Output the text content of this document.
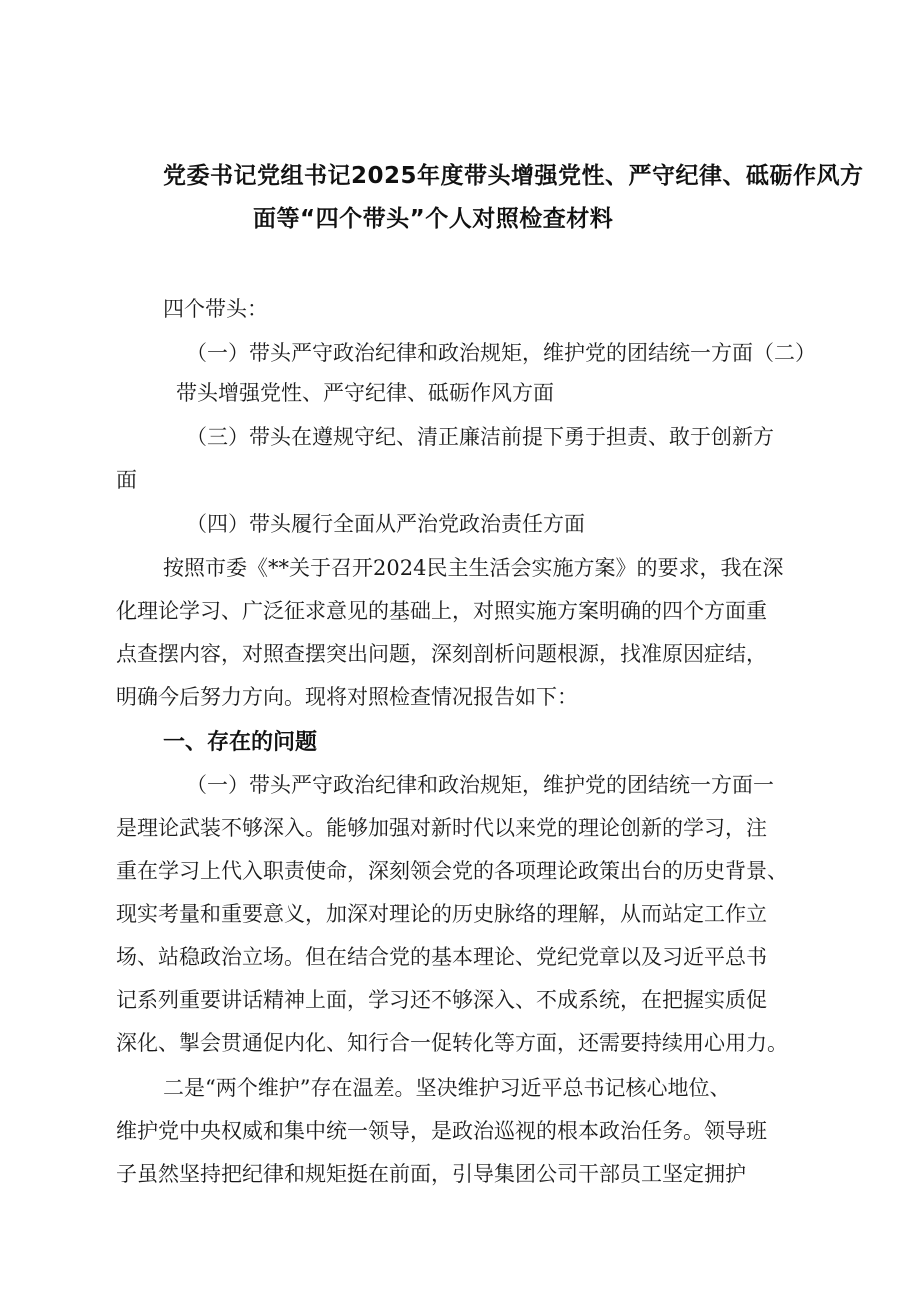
党委书记党组书记2025年度带头增强党性、严守纪律、砥砺作风方
面等“四个带头”个人对照检查材料
四个带头：
（一）带头严守政治纪律和政治规矩，维护党的团结统一方面（二）
带头增强党性、严守纪律、砥砺作风方面
（三）带头在遵规守纪、清正廉洁前提下勇于担责、敢于创新方
面
（四）带头履行全面从严治党政治责任方面
按照市委《**关于召开2024民主生活会实施方案》的要求，我在深
化理论学习、广泛征求意见的基础上，对照实施方案明确的四个方面重
点查摆内容，对照查摆突出问题，深刻剖析问题根源，找准原因症结，
明确今后努力方向。现将对照检查情况报告如下：
一、存在的问题
（一）带头严守政治纪律和政治规矩，维护党的团结统一方面一
是理论武装不够深入。能够加强对新时代以来党的理论创新的学习，注
重在学习上代入职责使命，深刻领会党的各项理论政策出台的历史背景、
现实考量和重要意义，加深对理论的历史脉络的理解，从而站定工作立
场、站稳政治立场。但在结合党的基本理论、党纪党章以及习近平总书
记系列重要讲话精神上面，学习还不够深入、不成系统，在把握实质促
深化、掣会贯通促内化、知行合一促转化等方面，还需要持续用心用力。
二是“两个维护”存在温差。坚决维护习近平总书记核心地位、
维护党中央权威和集中统一领导，是政治巡视的根本政治任务。领导班
子虽然坚持把纪律和规矩挺在前面，引导集团公司干部员工坚定拥护
